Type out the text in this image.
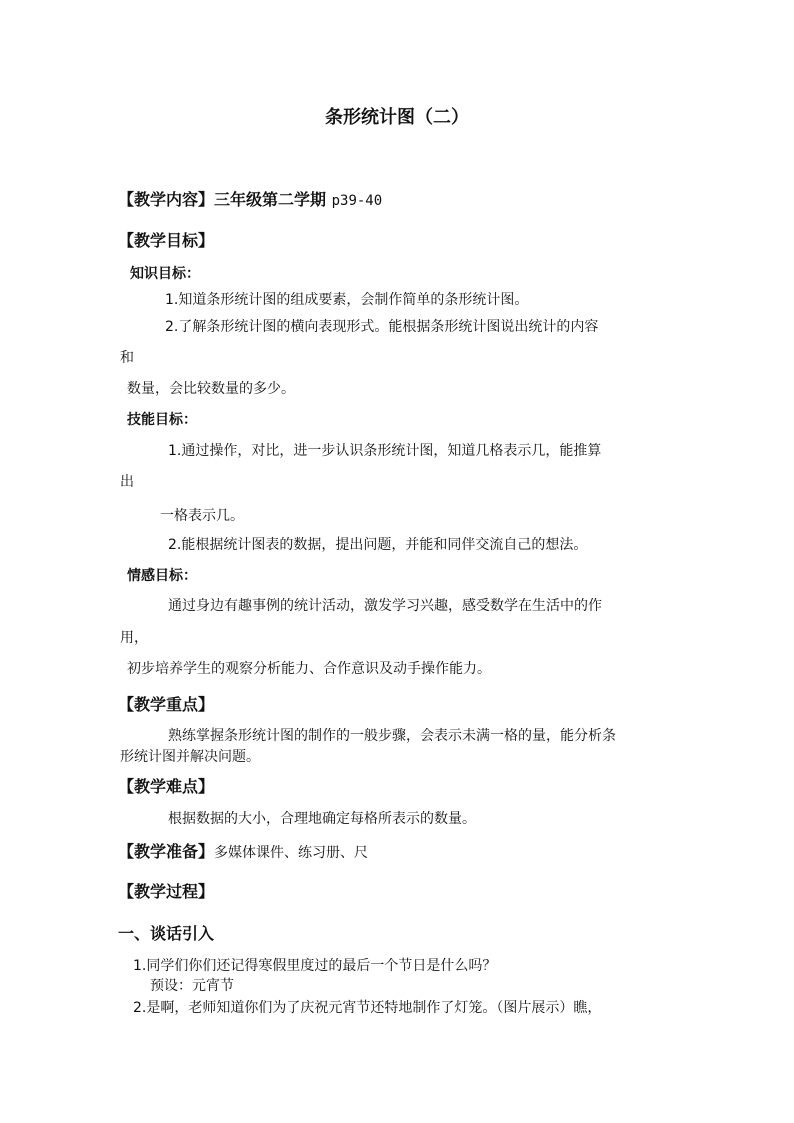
条形统计图（二）
【教学内容】三年级第二学期 p39-40
【教学目标】
知识目标：
1.知道条形统计图的组成要素，会制作简单的条形统计图。
2.了解条形统计图的横向表现形式。能根据条形统计图说出统计的内容
和
数量，会比较数量的多少。
技能目标：
1.通过操作，对比，进一步认识条形统计图，知道几格表示几，能推算
出
一格表示几。
2.能根据统计图表的数据，提出问题，并能和同伴交流自己的想法。
情感目标：
通过身边有趣事例的统计活动，激发学习兴趣，感受数学在生活中的作
用，
初步培养学生的观察分析能力、合作意识及动手操作能力。
【教学重点】
熟练掌握条形统计图的制作的一般步骤，会表示未满一格的量，能分析条
形统计图并解决问题。
【教学难点】
根据数据的大小，合理地确定每格所表示的数量。
【教学准备】多媒体课件、练习册、尺
【教学过程】
一、谈话引入
1.同学们你们还记得寒假里度过的最后一个节日是什么吗？
预设：元宵节
2.是啊，老师知道你们为了庆祝元宵节还特地制作了灯笼。（图片展示）瞧，
